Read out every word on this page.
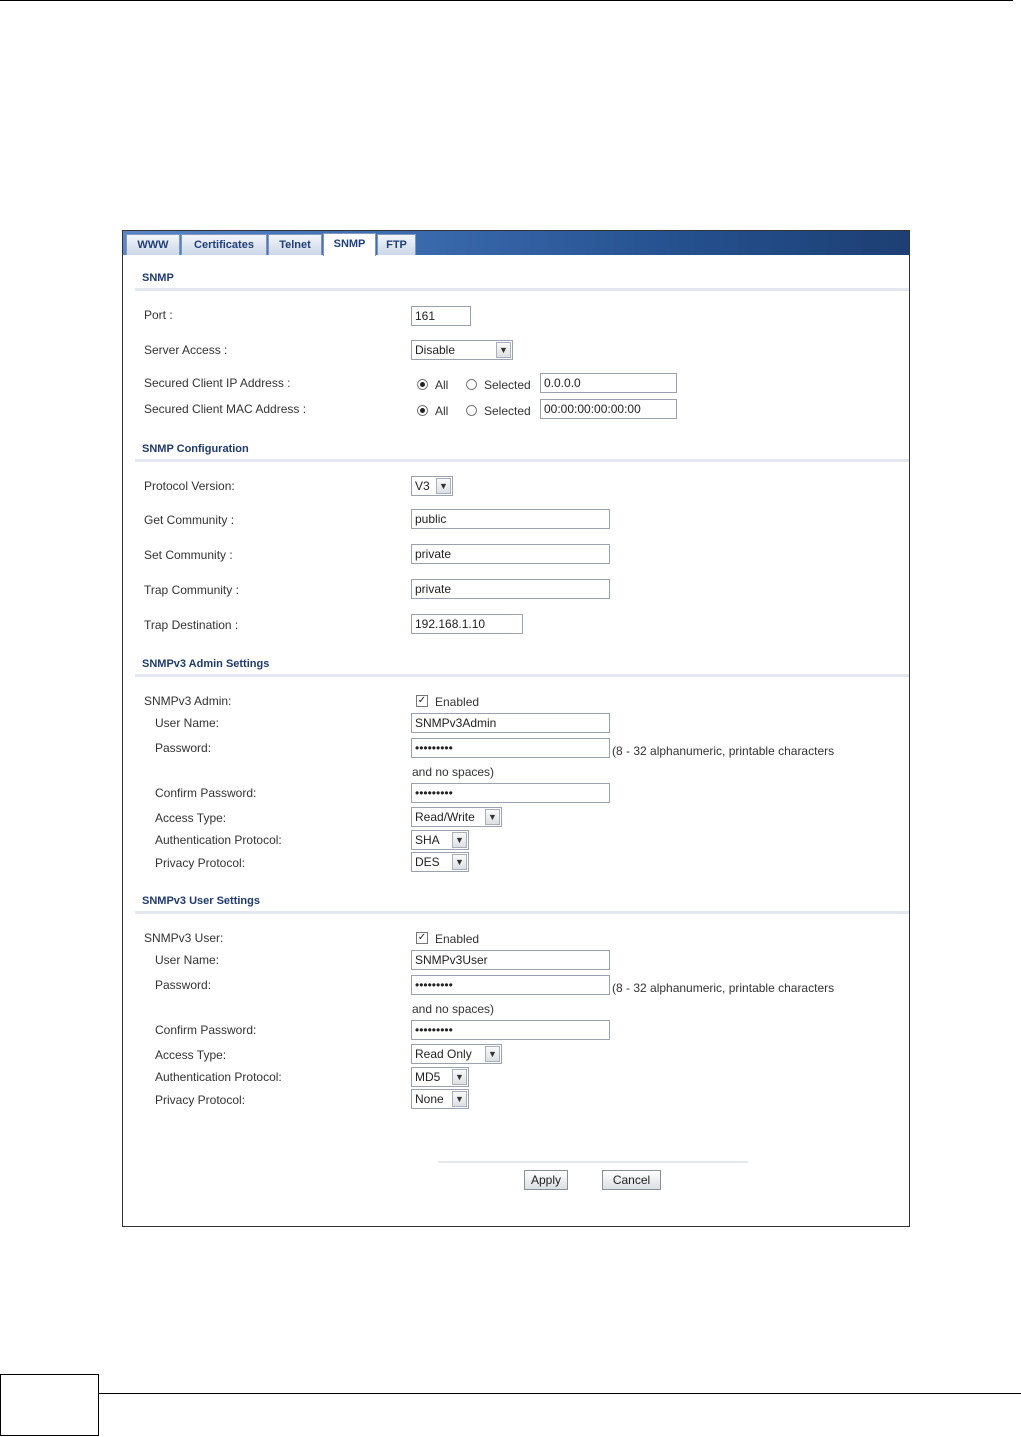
WWW	Certificates	Telnet	SNMP	FTP
SNMP
Port :	161
Server Access :	Disable	▼
Secured Client IP Address :	All	Selected	0.0.0.0
Secured Client MAC Address :	All	Selected	00:00:00:00:00:00
SNMP Configuration
Protocol Version:	V3	▼
Get Community :	public
Set Community :	private
Trap Community :	private
Trap Destination :	192.168.1.10
SNMPv3 Admin Settings
SNMPv3 Admin:	✓ Enabled
User Name:	SNMPv3Admin
Password:	•••••••••	(8 - 32 alphanumeric, printable characters
and no spaces)
Confirm Password:	•••••••••
Access Type:	Read/Write	▼
Authentication Protocol:	SHA	▼
Privacy Protocol:	DES	▼
SNMPv3 User Settings
SNMPv3 User:	✓ Enabled
User Name:	SNMPv3User
Password:	•••••••••	(8 - 32 alphanumeric, printable characters
and no spaces)
Confirm Password:	•••••••••
Access Type:	Read Only	▼
Authentication Protocol:	MD5	▼
Privacy Protocol:	None	▼
Apply	Cancel
